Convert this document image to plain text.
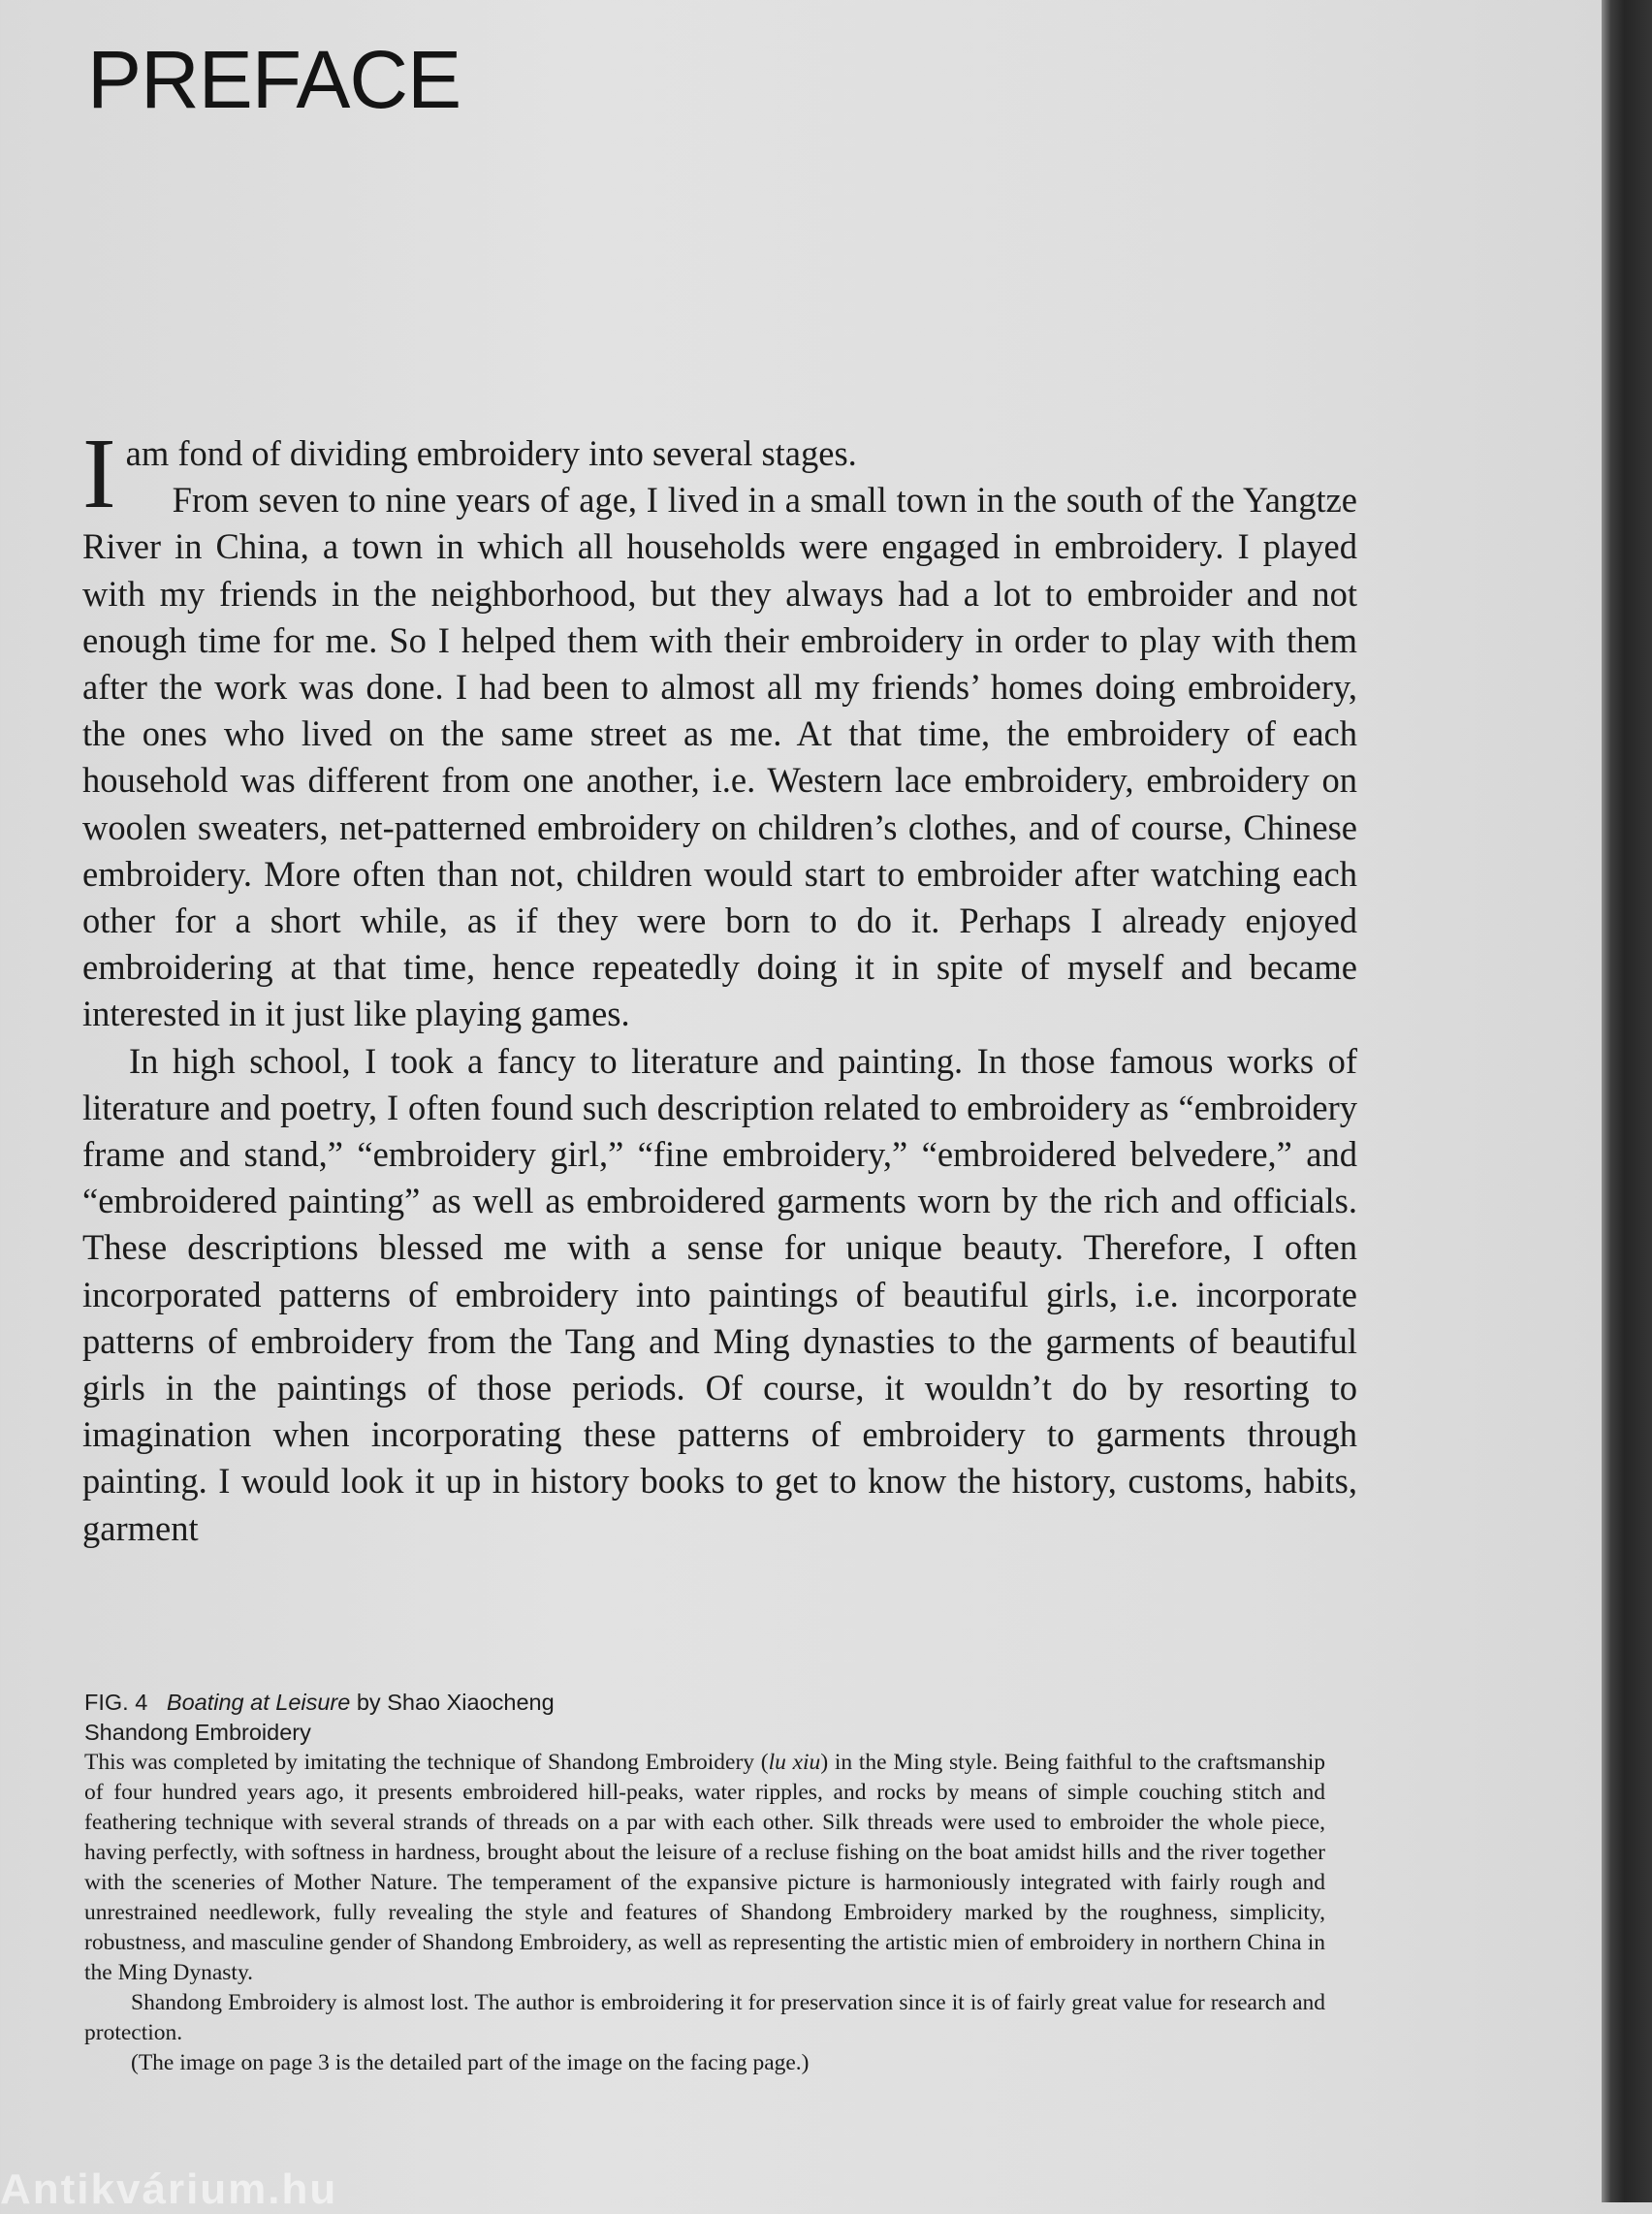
PREFACE

Iam fond of dividing embroidery into several stages.

From seven to nine years of age, I lived in a small town in the south of the Yangtze River in China, a town in which all households were engaged in embroidery. I played with my friends in the neighborhood, but they always had a lot to embroider and not enough time for me. So I helped them with their embroidery in order to play with them after the work was done. I had been to almost all my friends’ homes doing embroidery, the ones who lived on the same street as me. At that time, the embroidery of each household was different from one another, i.e. Western lace embroidery, embroidery on woolen sweaters, net-patterned embroidery on children’s clothes, and of course, Chinese embroidery. More often than not, children would start to embroider after watching each other for a short while, as if they were born to do it. Perhaps I already enjoyed embroidering at that time, hence repeatedly doing it in spite of myself and became interested in it just like playing games.

In high school, I took a fancy to literature and painting. In those famous works of literature and poetry, I often found such description related to embroidery as “embroidery frame and stand,” “embroidery girl,” “fine embroidery,” “embroidered belvedere,” and “embroidered painting” as well as embroidered garments worn by the rich and officials. These descriptions blessed me with a sense for unique beauty. Therefore, I often incorporated patterns of embroidery into paintings of beautiful girls, i.e. incorporate patterns of embroidery from the Tang and Ming dynasties to the garments of beautiful girls in the paintings of those periods. Of course, it wouldn’t do by resorting to imagination when incorporating these patterns of embroidery to garments through painting. I would look it up in history books to get to know the history, customs, habits, garment

FIG. 4 Boating at Leisure by Shao Xiaocheng
Shandong Embroidery

This was completed by imitating the technique of Shandong Embroidery (lu xiu) in the Ming style. Being faithful to the craftsmanship of four hundred years ago, it presents embroidered hill-peaks, water ripples, and rocks by means of simple couching stitch and feathering technique with several strands of threads on a par with each other. Silk threads were used to embroider the whole piece, having perfectly, with softness in hardness, brought about the leisure of a recluse fishing on the boat amidst hills and the river together with the sceneries of Mother Nature. The temperament of the expansive picture is harmoniously integrated with fairly rough and unrestrained needlework, fully revealing the style and features of Shandong Embroidery marked by the roughness, simplicity, robustness, and masculine gender of Shandong Embroidery, as well as representing the artistic mien of embroidery in northern China in the Ming Dynasty.

Shandong Embroidery is almost lost. The author is embroidering it for preservation since it is of fairly great value for research and protection.

(The image on page 3 is the detailed part of the image on the facing page.)

Antikvárium.hu
